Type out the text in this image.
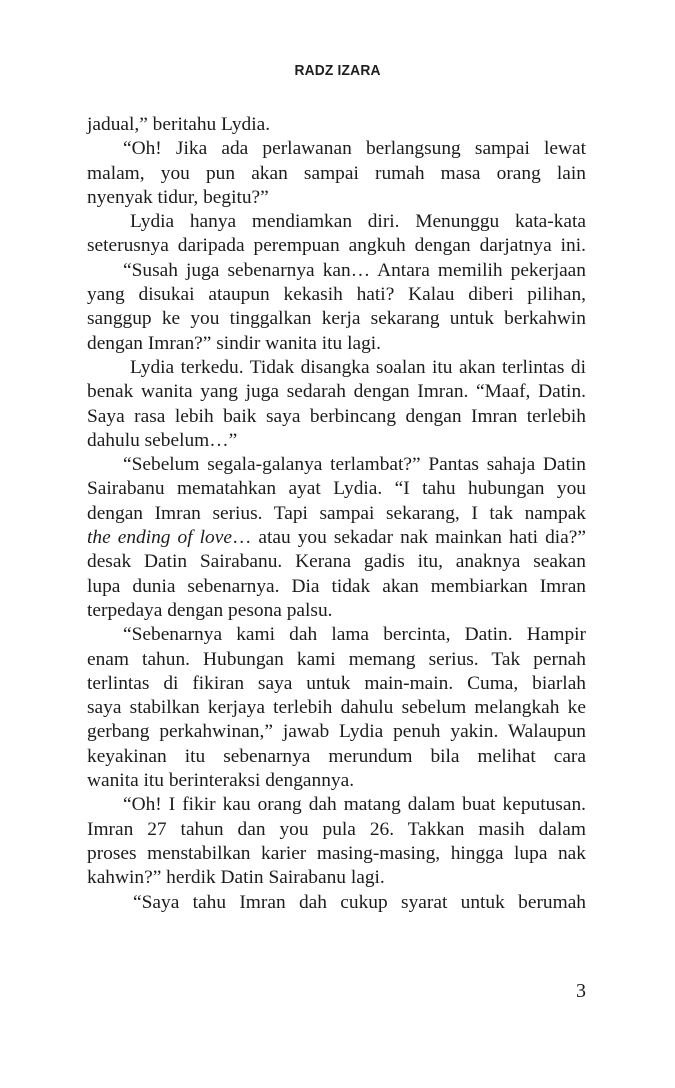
RADZ IZARA
jadual,” beritahu Lydia.
“Oh! Jika ada perlawanan berlangsung sampai lewat
malam, you pun akan sampai rumah masa orang lain
nyenyak tidur, begitu?”
Lydia hanya mendiamkan diri. Menunggu kata-kata
seterusnya daripada perempuan angkuh dengan darjatnya ini.
“Susah juga sebenarnya kan… Antara memilih pekerjaan
yang disukai ataupun kekasih hati? Kalau diberi pilihan,
sanggup ke you tinggalkan kerja sekarang untuk berkahwin
dengan Imran?” sindir wanita itu lagi.
Lydia terkedu. Tidak disangka soalan itu akan terlintas di
benak wanita yang juga sedarah dengan Imran. “Maaf, Datin.
Saya rasa lebih baik saya berbincang dengan Imran terlebih
dahulu sebelum…”
“Sebelum segala-galanya terlambat?” Pantas sahaja Datin
Sairabanu mematahkan ayat Lydia. “I tahu hubungan you
dengan Imran serius. Tapi sampai sekarang, I tak nampak
the ending of love… atau you sekadar nak mainkan hati dia?”
desak Datin Sairabanu. Kerana gadis itu, anaknya seakan
lupa dunia sebenarnya. Dia tidak akan membiarkan Imran
terpedaya dengan pesona palsu.
“Sebenarnya kami dah lama bercinta, Datin. Hampir
enam tahun. Hubungan kami memang serius. Tak pernah
terlintas di fikiran saya untuk main-main. Cuma, biarlah
saya stabilkan kerjaya terlebih dahulu sebelum melangkah ke
gerbang perkahwinan,” jawab Lydia penuh yakin. Walaupun
keyakinan itu sebenarnya merundum bila melihat cara
wanita itu berinteraksi dengannya.
“Oh! I fikir kau orang dah matang dalam buat keputusan.
Imran 27 tahun dan you pula 26. Takkan masih dalam
proses menstabilkan karier masing-masing, hingga lupa nak
kahwin?” herdik Datin Sairabanu lagi.
“Saya tahu Imran dah cukup syarat untuk berumah
3
